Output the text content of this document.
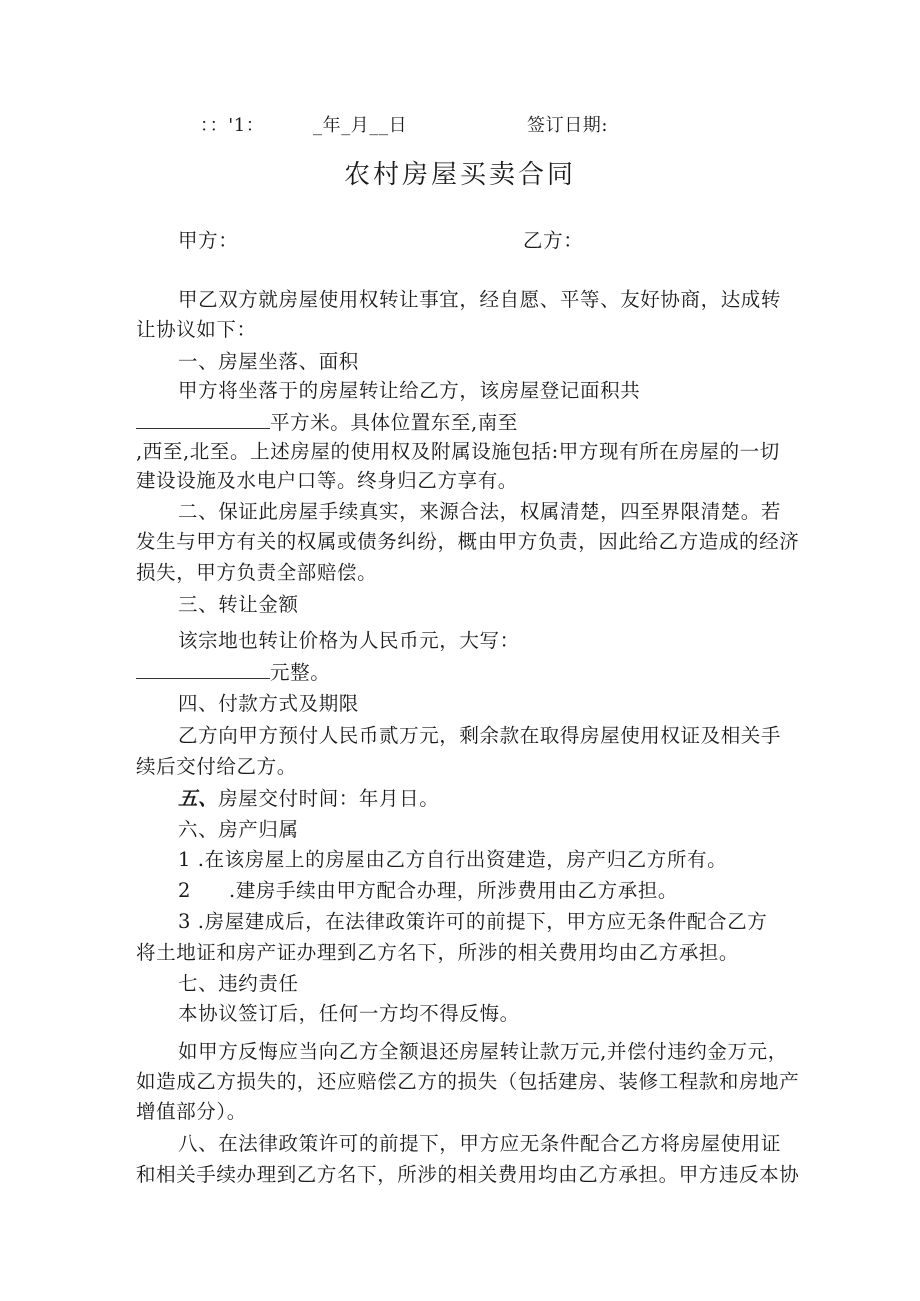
：：'1：	_年_月__日	签订日期:
农村房屋买卖合同
甲方：	乙方：
甲乙双方就房屋使用权转让事宜，经自愿、平等、友好协商，达成转
让协议如下：
一、房屋坐落、面积
甲方将坐落于的房屋转让给乙方，该房屋登记面积共
平方米。具体位置东至,南至
,西至,北至。上述房屋的使用权及附属设施包括:甲方现有所在房屋的一切
建设设施及水电户口等。终身归乙方享有。
二、保证此房屋手续真实，来源合法，权属清楚，四至界限清楚。若
发生与甲方有关的权属或债务纠纷，概由甲方负责，因此给乙方造成的经济
损失，甲方负责全部赔偿。
三、转让金额
该宗地也转让价格为人民币元，大写：
元整。
四、付款方式及期限
乙方向甲方预付人民币贰万元，剩余款在取得房屋使用权证及相关手
续后交付给乙方。
五、房屋交付时间：年月日。
六、房产归属
1 .在该房屋上的房屋由乙方自行出资建造，房产归乙方所有。
2 .建房手续由甲方配合办理，所涉费用由乙方承担。
3 .房屋建成后，在法律政策许可的前提下，甲方应无条件配合乙方
将土地证和房产证办理到乙方名下，所涉的相关费用均由乙方承担。
七、违约责任
本协议签订后，任何一方均不得反悔。
如甲方反悔应当向乙方全额退还房屋转让款万元,并偿付违约金万元，
如造成乙方损失的，还应赔偿乙方的损失（包括建房、装修工程款和房地产
增值部分）。
八、在法律政策许可的前提下，甲方应无条件配合乙方将房屋使用证
和相关手续办理到乙方名下，所涉的相关费用均由乙方承担。甲方违反本协
